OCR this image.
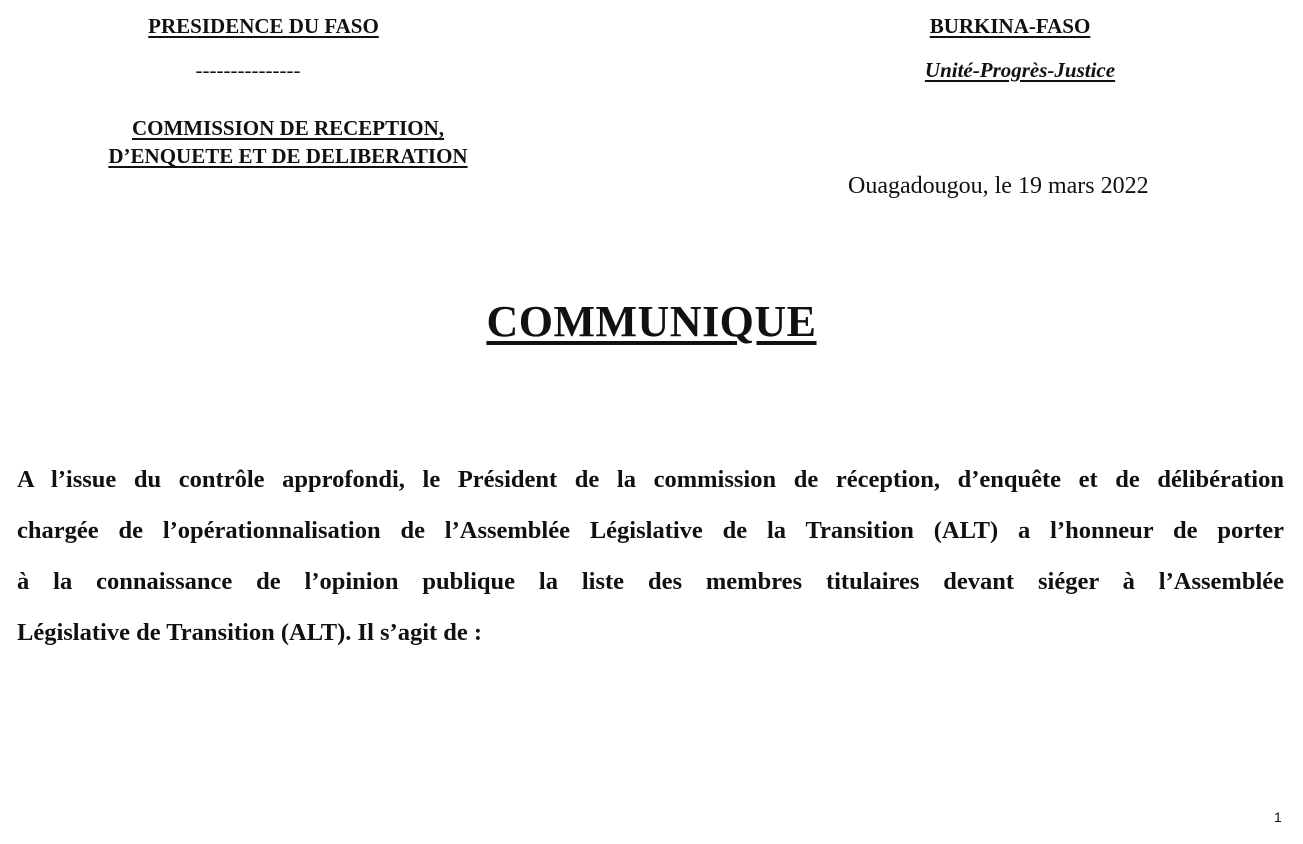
PRESIDENCE DU FASO
---------------
COMMISSION DE RECEPTION,
D’ENQUETE ET DE DELIBERATION
BURKINA-FASO
Unité-Progrès-Justice
Ouagadougou, le 19 mars 2022
COMMUNIQUE
A l’issue du contrôle approfondi, le Président de la commission de réception, d’enquête et de délibération
chargée de l’opérationnalisation de l’Assemblée Législative de la Transition (ALT) a l’honneur de porter
à la connaissance de l’opinion publique la liste des membres titulaires devant siéger à l’Assemblée
Législative de Transition (ALT). Il s’agit de :
1
